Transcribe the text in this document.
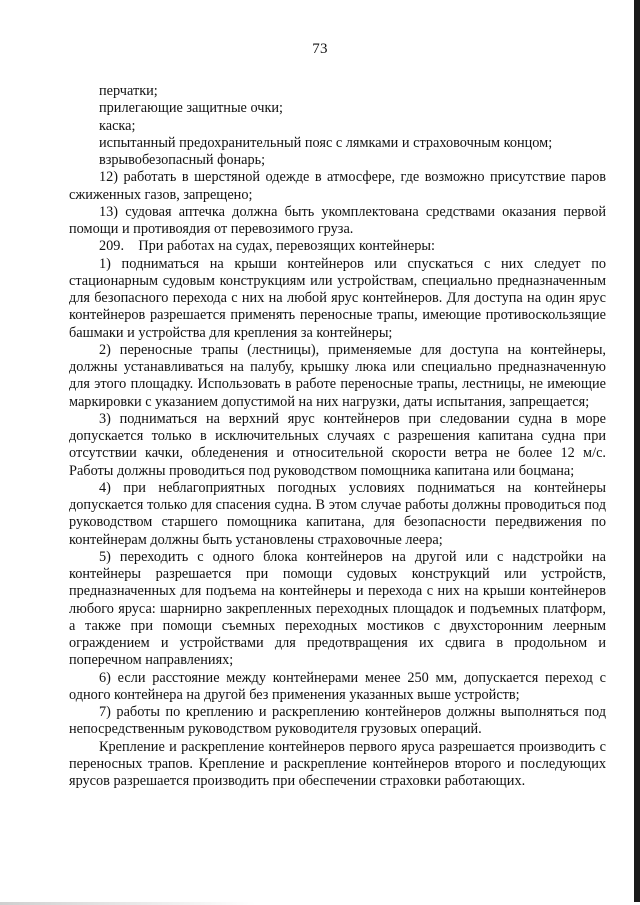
73

перчатки;

прилегающие защитные очки;

каска;

испытанный предохранительный пояс с лямками и страховочным концом;

взрывобезопасный фонарь;

12) работать в шерстяной одежде в атмосфере, где возможно присутствие паров сжиженных газов, запрещено;

13) судовая аптечка должна быть укомплектована средствами оказания первой помощи и противоядия от перевозимого груза.

209.    При работах на судах, перевозящих контейнеры:

1) подниматься на крыши контейнеров или спускаться с них следует по стационарным судовым конструкциям или устройствам, специально предназначенным для безопасного перехода с них на любой ярус контейнеров. Для доступа на один ярус контейнеров разрешается применять переносные трапы, имеющие противоскользящие башмаки и устройства для крепления за контейнеры;

2) переносные трапы (лестницы), применяемые для доступа на контейнеры, должны устанавливаться на палубу, крышку люка или специально предназначенную для этого площадку. Использовать в работе переносные трапы, лестницы, не имеющие маркировки с указанием допустимой на них нагрузки, даты испытания, запрещается;

3) подниматься на верхний ярус контейнеров при следовании судна в море допускается только в исключительных случаях с разрешения капитана судна при отсутствии качки, обледенения и относительной скорости ветра не более 12 м/с. Работы должны проводиться под руководством помощника капитана или боцмана;

4) при неблагоприятных погодных условиях подниматься на контейнеры допускается только для спасения судна. В этом случае работы должны проводиться под руководством старшего помощника капитана, для безопасности передвижения по контейнерам должны быть установлены страховочные леера;

5) переходить с одного блока контейнеров на другой или с надстройки на контейнеры разрешается при помощи судовых конструкций или устройств, предназначенных для подъема на контейнеры и перехода с них на крыши контейнеров любого яруса: шарнирно закрепленных переходных площадок и подъемных платформ, а также при помощи съемных переходных мостиков с двухсторонним леерным ограждением и устройствами для предотвращения их сдвига в продольном и поперечном направлениях;

6) если расстояние между контейнерами менее 250 мм, допускается переход с одного контейнера на другой без применения указанных выше устройств;

7) работы по креплению и раскреплению контейнеров должны выполняться под непосредственным руководством руководителя грузовых операций.

Крепление и раскрепление контейнеров первого яруса разрешается производить с переносных трапов. Крепление и раскрепление контейнеров второго и последующих ярусов разрешается производить при обеспечении страховки работающих.
